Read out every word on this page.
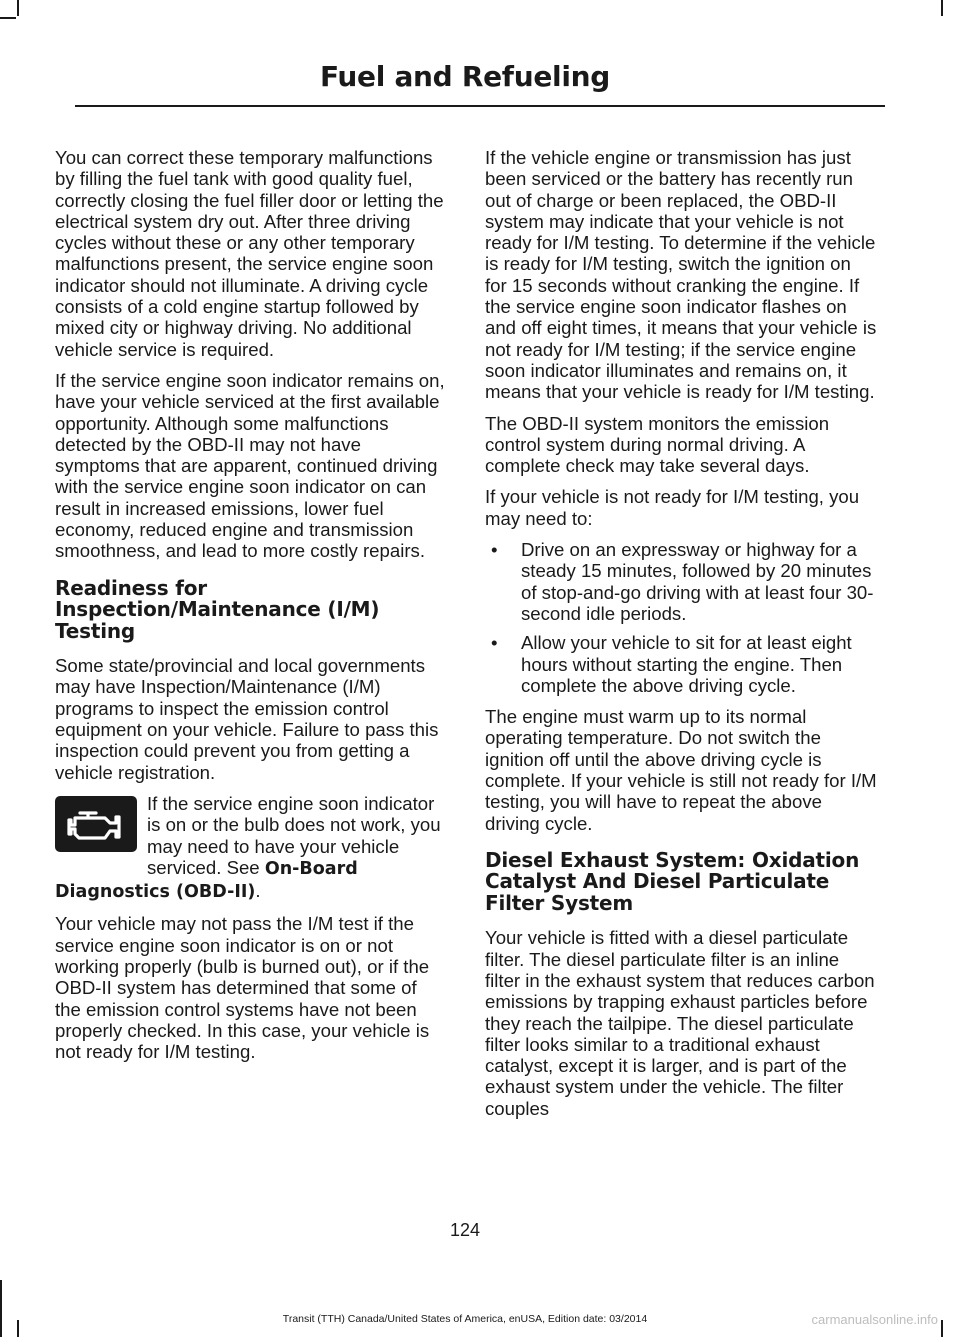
Fuel and Refueling

You can correct these temporary malfunctions by filling the fuel tank with good quality fuel, correctly closing the fuel filler door or letting the electrical system dry out. After three driving cycles without these or any other temporary malfunctions present, the service engine soon indicator should not illuminate. A driving cycle consists of a cold engine startup followed by mixed city or highway driving. No additional vehicle service is required.

If the service engine soon indicator remains on, have your vehicle serviced at the first available opportunity. Although some malfunctions detected by the OBD-II may not have symptoms that are apparent, continued driving with the service engine soon indicator on can result in increased emissions, lower fuel economy, reduced engine and transmission smoothness, and lead to more costly repairs.

Readiness for Inspection/Maintenance (I/M) Testing

Some state/provincial and local governments may have Inspection/Maintenance (I/M) programs to inspect the emission control equipment on your vehicle. Failure to pass this inspection could prevent you from getting a vehicle registration.

If the service engine soon indicator is on or the bulb does not work, you may need to have your vehicle serviced. See On-Board Diagnostics (OBD-II).

Your vehicle may not pass the I/M test if the service engine soon indicator is on or not working properly (bulb is burned out), or if the OBD-II system has determined that some of the emission control systems have not been properly checked. In this case, your vehicle is not ready for I/M testing.

If the vehicle engine or transmission has just been serviced or the battery has recently run out of charge or been replaced, the OBD-II system may indicate that your vehicle is not ready for I/M testing. To determine if the vehicle is ready for I/M testing, switch the ignition on for 15 seconds without cranking the engine. If the service engine soon indicator flashes on and off eight times, it means that your vehicle is not ready for I/M testing; if the service engine soon indicator illuminates and remains on, it means that your vehicle is ready for I/M testing.

The OBD-II system monitors the emission control system during normal driving. A complete check may take several days.

If your vehicle is not ready for I/M testing, you may need to:

• Drive on an expressway or highway for a steady 15 minutes, followed by 20 minutes of stop-and-go driving with at least four 30-second idle periods.
• Allow your vehicle to sit for at least eight hours without starting the engine. Then complete the above driving cycle.

The engine must warm up to its normal operating temperature. Do not switch the ignition off until the above driving cycle is complete. If your vehicle is still not ready for I/M testing, you will have to repeat the above driving cycle.

Diesel Exhaust System: Oxidation Catalyst And Diesel Particulate Filter System

Your vehicle is fitted with a diesel particulate filter. The diesel particulate filter is an inline filter in the exhaust system that reduces carbon emissions by trapping exhaust particles before they reach the tailpipe. The diesel particulate filter looks similar to a traditional exhaust catalyst, except it is larger, and is part of the exhaust system under the vehicle. The filter couples

124
Transit (TTH) Canada/United States of America, enUSA, Edition date: 03/2014	carmanualsonline.info
